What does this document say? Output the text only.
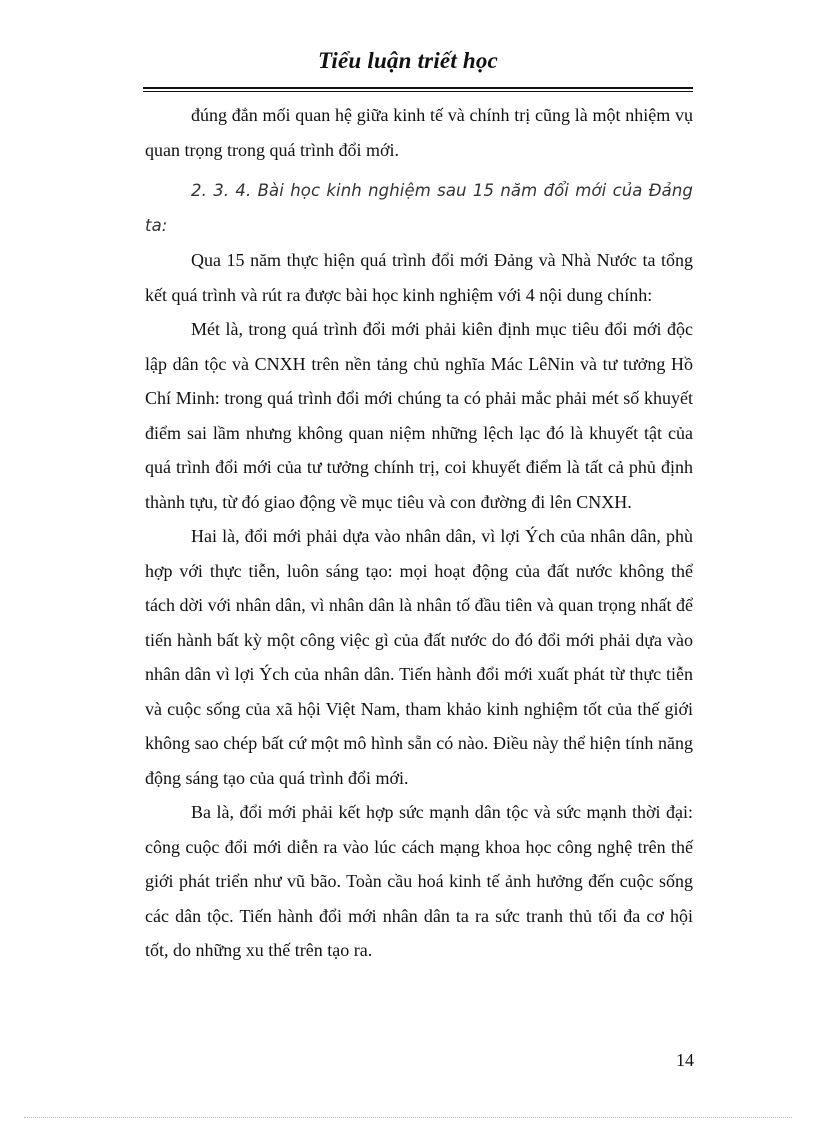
Tiểu luận triết học

đúng đắn mối quan hệ giữa kinh tế và chính trị cũng là một nhiệm vụ quan trọng trong quá trình đổi mới.

2. 3. 4. Bài học kinh nghiệm sau 15 năm đổi mới của Đảng ta:

Qua 15 năm thực hiện quá trình đổi mới Đảng và Nhà Nước ta tổng kết quá trình và rút ra được bài học kinh nghiệm với 4 nội dung chính:

Mét là, trong quá trình đổi mới phải kiên định mục tiêu đổi mới độc lập dân tộc và CNXH trên nền tảng chủ nghĩa Mác LêNin và tư tưởng Hồ Chí Minh: trong quá trình đổi mới chúng ta có phải mắc phải mét số khuyết điểm sai lầm nhưng không quan niệm những lệch lạc đó là khuyết tật của quá trình đổi mới của tư tưởng chính trị, coi khuyết điểm là tất cả phủ định thành tựu, từ đó giao động về mục tiêu và con đường đi lên CNXH.

Hai là, đổi mới phải dựa vào nhân dân, vì lợi Ých của nhân dân, phù hợp với thực tiễn, luôn sáng tạo: mọi hoạt động của đất nước không thể tách dời với nhân dân, vì nhân dân là nhân tố đầu tiên và quan trọng nhất để tiến hành bất kỳ một công việc gì của đất nước do đó đổi mới phải dựa vào nhân dân vì lợi Ých của nhân dân. Tiến hành đổi mới xuất phát từ thực tiễn và cuộc sống của xã hội Việt Nam, tham khảo kinh nghiệm tốt của thế giới không sao chép bất cứ một mô hình sẵn có nào. Điều này thể hiện tính năng động sáng tạo của quá trình đổi mới.

Ba là, đổi mới phải kết hợp sức mạnh dân tộc và sức mạnh thời đại: công cuộc đổi mới diễn ra vào lúc cách mạng khoa học công nghệ trên thế giới phát triển như vũ bão. Toàn cầu hoá kinh tế ảnh hưởng đến cuộc sống các dân tộc. Tiến hành đổi mới nhân dân ta ra sức tranh thủ tối đa cơ hội tốt, do những xu thế trên tạo ra.

14
